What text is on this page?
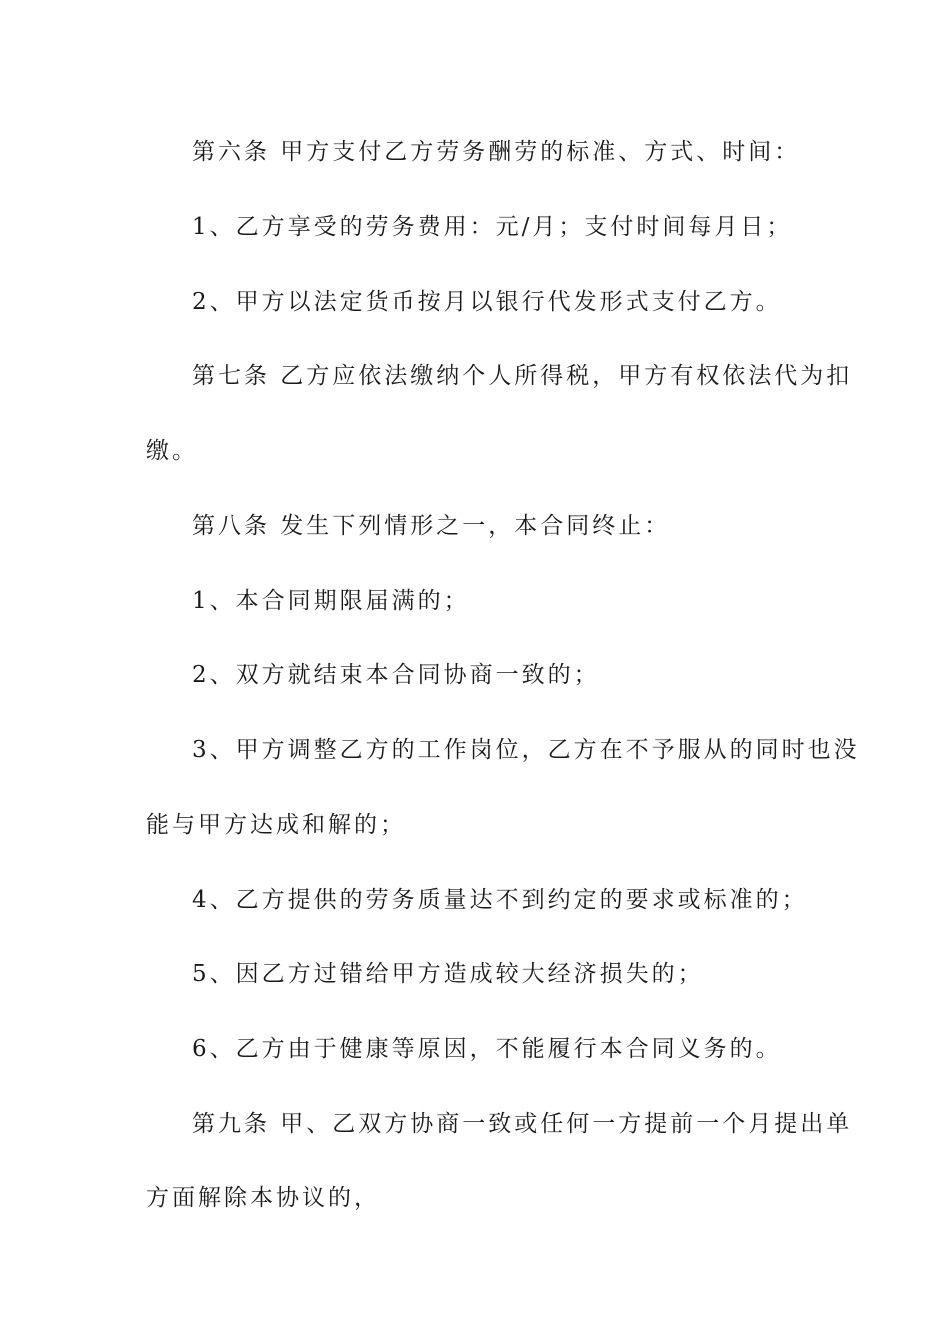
第六条 甲方支付乙方劳务酬劳的标准、方式、时间：

1、乙方享受的劳务费用：元/月；支付时间每月日；

2、甲方以法定货币按月以银行代发形式支付乙方。

第七条 乙方应依法缴纳个人所得税，甲方有权依法代为扣

缴。

第八条 发生下列情形之一，本合同终止：

1、本合同期限届满的；

2、双方就结束本合同协商一致的；

3、甲方调整乙方的工作岗位，乙方在不予服从的同时也没

能与甲方达成和解的；

4、乙方提供的劳务质量达不到约定的要求或标准的；

5、因乙方过错给甲方造成较大经济损失的；

6、乙方由于健康等原因，不能履行本合同义务的。

第九条 甲、乙双方协商一致或任何一方提前一个月提出单

方面解除本协议的，
